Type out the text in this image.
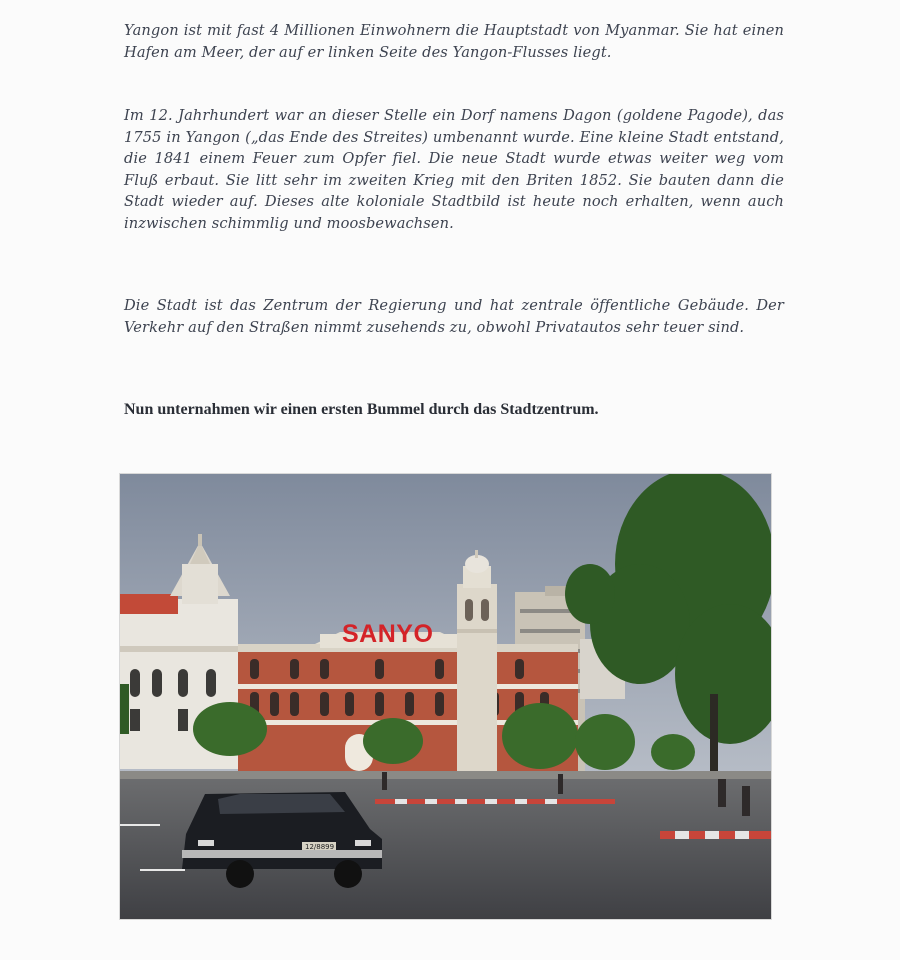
Yangon ist mit fast 4 Millionen Einwohnern die Hauptstadt von Myanmar. Sie hat einen Hafen am Meer, der auf er linken Seite des Yangon-Flusses liegt.

Im 12. Jahrhundert war an dieser Stelle ein Dorf namens Dagon (goldene Pagode), das 1755 in Yangon („das Ende des Streites) umbenannt wurde. Eine kleine Stadt entstand, die 1841 einem Feuer zum Opfer fiel. Die neue Stadt wurde etwas weiter weg vom Fluß erbaut. Sie litt sehr im zweiten Krieg mit den Briten 1852. Sie bauten dann die Stadt wieder auf. Dieses alte koloniale Stadtbild ist heute noch erhalten, wenn auch inzwischen schimmlig und moosbewachsen.

Die Stadt ist das Zentrum der Regierung und hat zentrale öffentliche Gebäude. Der Verkehr auf den Straßen nimmt zusehends zu, obwohl Privatautos sehr teuer sind.

Nun unternahmen wir einen ersten Bummel durch das Stadtzentrum.

SANYO
12/8899
